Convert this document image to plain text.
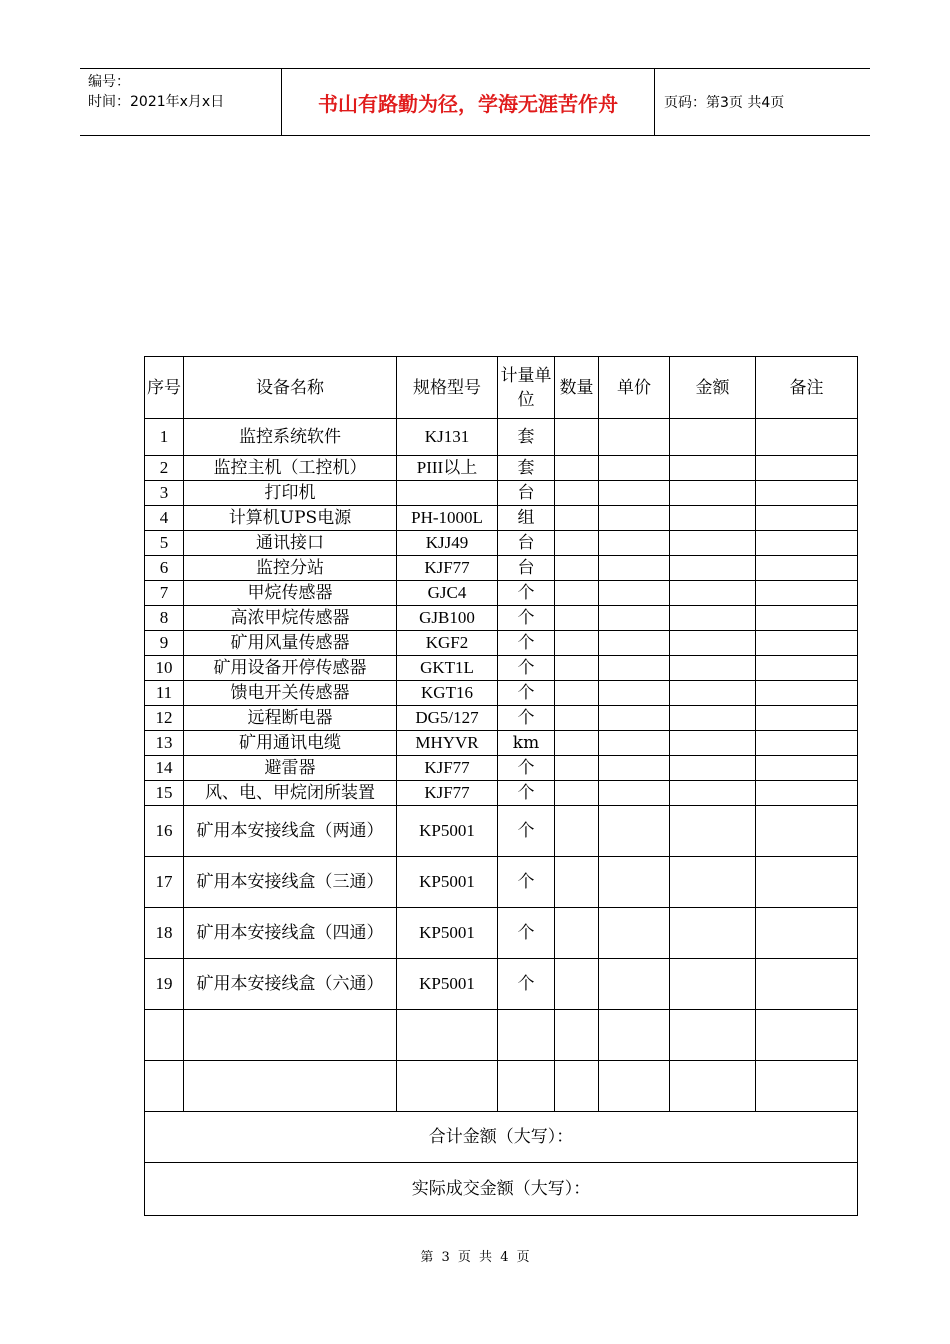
编号：
时间：2021年x月x日	书山有路勤为径，学海无涯苦作舟	页码：第3页 共4页
序号	设备名称	规格型号	计量单位	数量	单价	金额	备注
1	监控系统软件	KJ131	套				
2	监控主机（工控机）	PIII以上	套				
3	打印机		台				
4	计算机UPS电源	PH-1000L	组				
5	通讯接口	KJJ49	台				
6	监控分站	KJF77	台				
7	甲烷传感器	GJC4	个				
8	高浓甲烷传感器	GJB100	个				
9	矿用风量传感器	KGF2	个				
10	矿用设备开停传感器	GKT1L	个				
11	馈电开关传感器	KGT16	个				
12	远程断电器	DG5/127	个				
13	矿用通讯电缆	MHYVR	km				
14	避雷器	KJF77	个				
15	风、电、甲烷闭所装置	KJF77	个				
16	矿用本安接线盒（两通）	KP5001	个				
17	矿用本安接线盒（三通）	KP5001	个				
18	矿用本安接线盒（四通）	KP5001	个				
19	矿用本安接线盒（六通）	KP5001	个				

合计金额（大写）：							
实际成交金额（大写）：							
第 3 页 共 4 页
